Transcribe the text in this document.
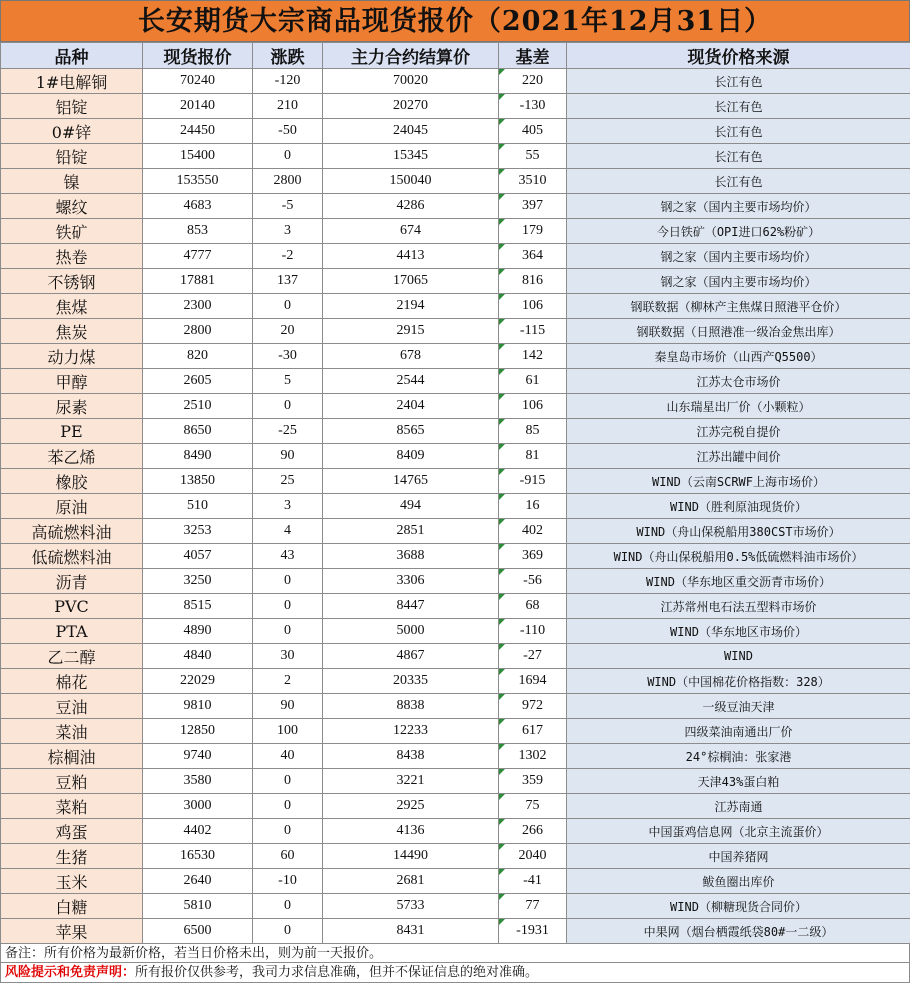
长安期货大宗商品现货报价（2021年12月31日）
品种	现货报价	涨跌	主力合约结算价	基差	现货价格来源
1#电解铜	70240	-120	70020	220	长江有色
铝锭	20140	210	20270	-130	长江有色
0#锌	24450	-50	24045	405	长江有色
铅锭	15400	0	15345	55	长江有色
镍	153550	2800	150040	3510	长江有色
螺纹	4683	-5	4286	397	钢之家（国内主要市场均价）
铁矿	853	3	674	179	今日铁矿（OPI进口62%粉矿）
热卷	4777	-2	4413	364	钢之家（国内主要市场均价）
不锈钢	17881	137	17065	816	钢之家（国内主要市场均价）
焦煤	2300	0	2194	106	钢联数据（柳林产主焦煤日照港平仓价）
焦炭	2800	20	2915	-115	钢联数据（日照港准一级冶金焦出库）
动力煤	820	-30	678	142	秦皇岛市场价（山西产Q5500）
甲醇	2605	5	2544	61	江苏太仓市场价
尿素	2510	0	2404	106	山东瑞星出厂价（小颗粒）
PE	8650	-25	8565	85	江苏完税自提价
苯乙烯	8490	90	8409	81	江苏出罐中间价
橡胶	13850	25	14765	-915	WIND（云南SCRWF上海市场价）
原油	510	3	494	16	WIND（胜利原油现货价）
高硫燃料油	3253	4	2851	402	WIND（舟山保税船用380CST市场价）
低硫燃料油	4057	43	3688	369	WIND（舟山保税船用0.5%低硫燃料油市场价）
沥青	3250	0	3306	-56	WIND（华东地区重交沥青市场价）
PVC	8515	0	8447	68	江苏常州电石法五型料市场价
PTA	4890	0	5000	-110	WIND（华东地区市场价）
乙二醇	4840	30	4867	-27	WIND
棉花	22029	2	20335	1694	WIND（中国棉花价格指数：328）
豆油	9810	90	8838	972	一级豆油天津
菜油	12850	100	12233	617	四级菜油南通出厂价
棕榈油	9740	40	8438	1302	24°棕榈油：张家港
豆粕	3580	0	3221	359	天津43%蛋白粕
菜粕	3000	0	2925	75	江苏南通
鸡蛋	4402	0	4136	266	中国蛋鸡信息网（北京主流蛋价）
生猪	16530	60	14490	2040	中国养猪网
玉米	2640	-10	2681	-41	鲅鱼圈出库价
白糖	5810	0	5733	77	WIND（柳糖现货合同价）
苹果	6500	0	8431	-1931	中果网（烟台栖霞纸袋80#一二级）
备注：所有价格为最新价格，若当日价格未出，则为前一天报价。
风险提示和免责声明：所有报价仅供参考，我司力求信息准确，但并不保证信息的绝对准确。
